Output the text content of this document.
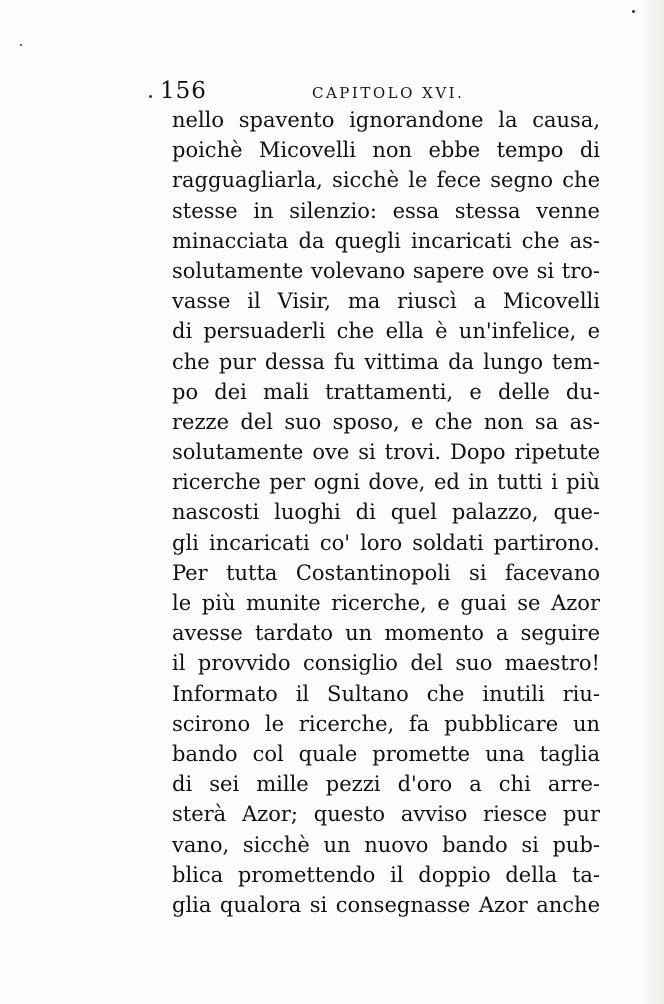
156	CAPITOLO XVI.
nello spavento ignorandone la causa,
poichè Micovelli non ebbe tempo di
ragguagliarla, sicchè le fece segno che
stesse in silenzio: essa stessa venne
minacciata da quegli incaricati che as-
solutamente volevano sapere ove si tro-
vasse il Visir, ma riuscì a Micovelli
di persuaderli che ella è un'infelice, e
che pur dessa fu vittima da lungo tem-
po dei mali trattamenti, e delle du-
rezze del suo sposo, e che non sa as-
solutamente ove si trovi. Dopo ripetute
ricerche per ogni dove, ed in tutti i più
nascosti luoghi di quel palazzo, que-
gli incaricati co' loro soldati partirono.
Per tutta Costantinopoli si facevano
le più munite ricerche, e guai se Azor
avesse tardato un momento a seguire
il provvido consiglio del suo maestro!
Informato il Sultano che inutili riu-
scirono le ricerche, fa pubblicare un
bando col quale promette una taglia
di sei mille pezzi d'oro a chi arre-
sterà Azor; questo avviso riesce pur
vano, sicchè un nuovo bando si pub-
blica promettendo il doppio della ta-
glia qualora si consegnasse Azor anche
